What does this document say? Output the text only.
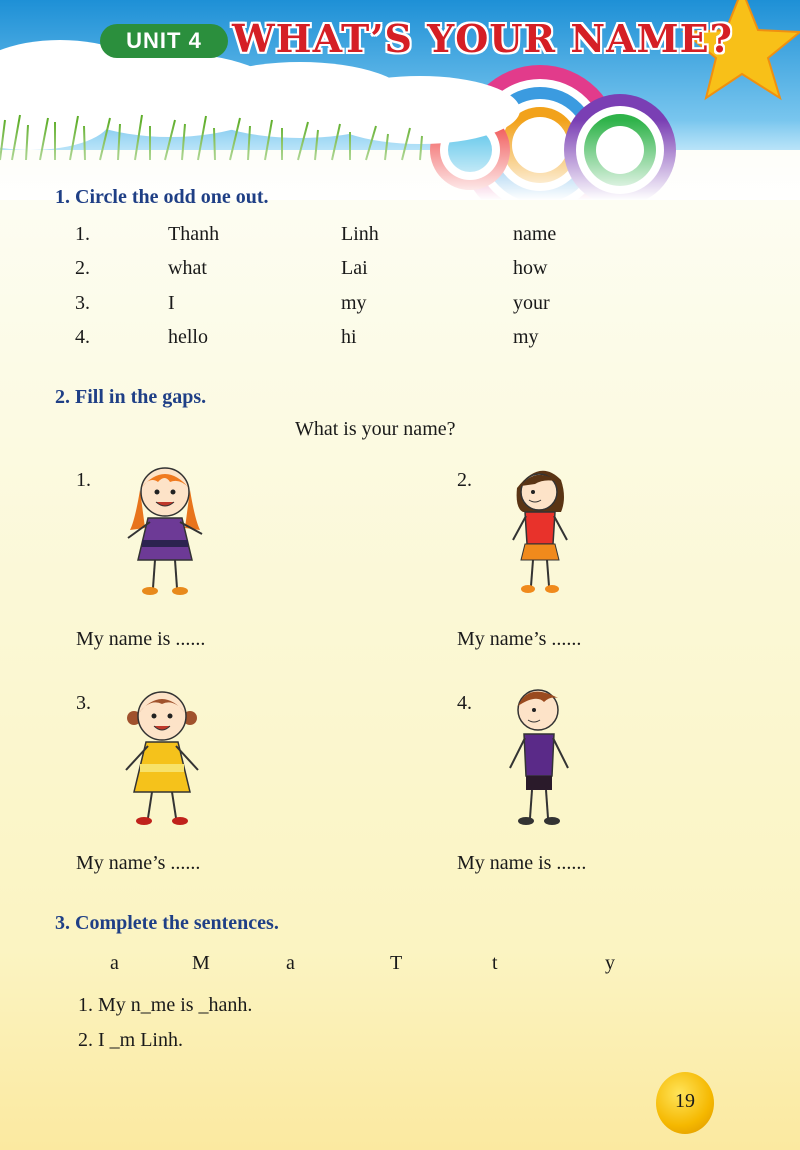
UNIT 4 WHAT’S YOUR NAME?
1. Circle the odd one out.
1.	Thanh	Linh	name
2.	what	Lai	how
3.	I	my	your
4.	hello	hi	my
2. Fill in the gaps.
What is your name?
1.
My name is ......
2.
My name’s ......
3.
My name’s ......
4.
My name is ......
3. Complete the sentences.
a	M	a	T	t	y
1. My n_me is _hanh.
2. I _m Linh.
19
